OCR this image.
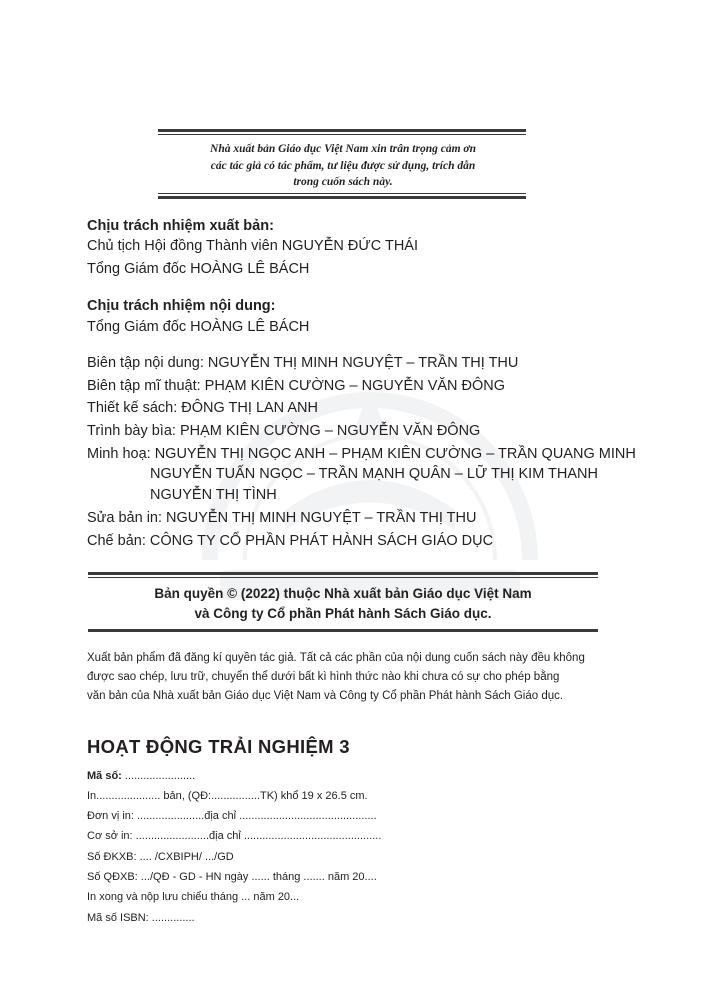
Nhà xuất bản Giáo dục Việt Nam xin trân trọng cảm ơn
các tác giả có tác phẩm, tư liệu được sử dụng, trích dẫn
trong cuốn sách này.
Chịu trách nhiệm xuất bản:
Chủ tịch Hội đồng Thành viên NGUYỄN ĐỨC THÁI
Tổng Giám đốc HOÀNG LÊ BÁCH
Chịu trách nhiệm nội dung:
Tổng Giám đốc HOÀNG LÊ BÁCH
Biên tập nội dung: NGUYỄN THỊ MINH NGUYỆT – TRẦN THỊ THU
Biên tập mĩ thuật: PHẠM KIÊN CƯỜNG – NGUYỄN VĂN ĐÔNG
Thiết kế sách: ĐÔNG THỊ LAN ANH
Trình bày bìa: PHẠM KIÊN CƯỜNG – NGUYỄN VĂN ĐÔNG
Minh hoạ: NGUYỄN THỊ NGỌC ANH – PHẠM KIÊN CƯỜNG – TRẦN QUANG MINH
NGUYỄN TUẤN NGỌC – TRẦN MẠNH QUÂN – LỮ THỊ KIM THANH
NGUYỄN THỊ TÌNH
Sửa bản in: NGUYỄN THỊ MINH NGUYỆT – TRẦN THỊ THU
Chế bản: CÔNG TY CỔ PHẦN PHÁT HÀNH SÁCH GIÁO DỤC
Bản quyền © (2022) thuộc Nhà xuất bản Giáo dục Việt Nam
và Công ty Cổ phần Phát hành Sách Giáo dục.
Xuất bản phẩm đã đăng kí quyền tác giả. Tất cả các phần của nội dung cuốn sách này đều không
được sao chép, lưu trữ, chuyển thể dưới bất kì hình thức nào khi chưa có sự cho phép bằng
văn bản của Nhà xuất bản Giáo dục Việt Nam và Công ty Cổ phần Phát hành Sách Giáo dục.
HOẠT ĐỘNG TRẢI NGHIỆM 3
Mã số: .......................
In..................... bản, (QĐ:................TK) khổ 19 x 26.5 cm.
Đơn vị in: ......................địa chỉ .............................................
Cơ sở in: ........................địa chỉ .............................................
Số ĐKXB: .... /CXBIPH/ .../GD
Số QĐXB: .../QĐ - GD - HN ngày ...... tháng ....... năm 20....
In xong và nộp lưu chiểu tháng ... năm 20...
Mã số ISBN: ..............
